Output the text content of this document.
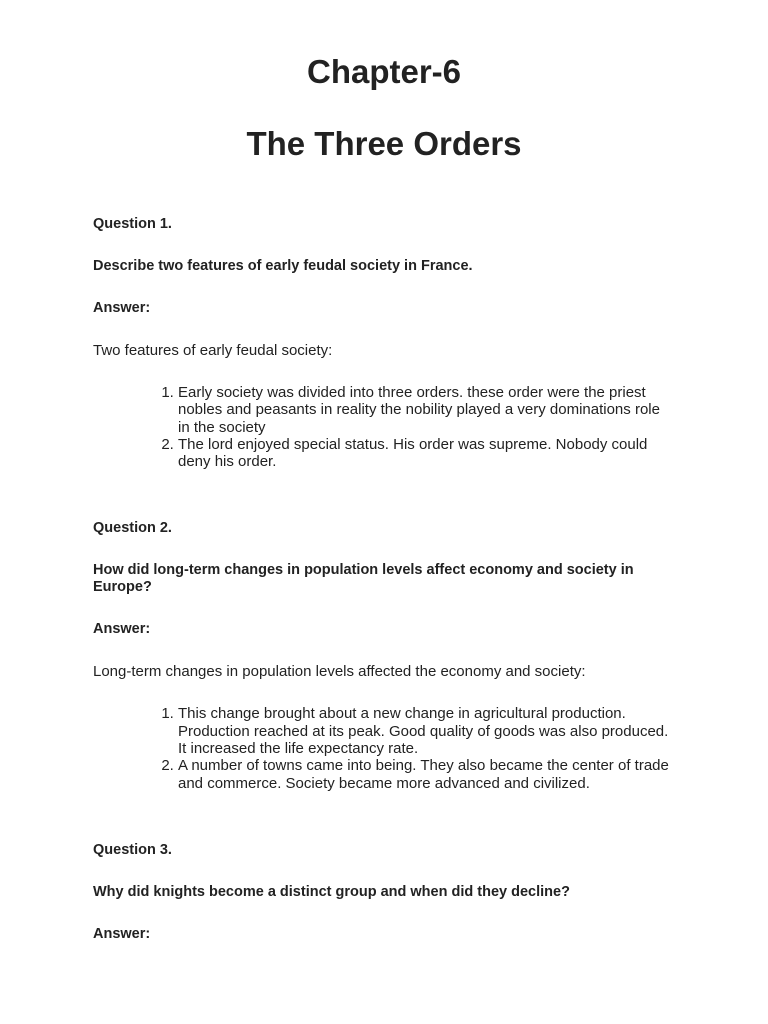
Chapter-6
The Three Orders

Question 1.

Describe two features of early feudal society in France.

Answer:

Two features of early feudal society:

1. Early society was divided into three orders. these order were the priest nobles and peasants in reality the nobility played a very dominations role in the society
2. The lord enjoyed special status. His order was supreme. Nobody could deny his order.

Question 2.

How did long-term changes in population levels affect economy and society in Europe?

Answer:

Long-term changes in population levels affected the economy and society:

1. This change brought about a new change in agricultural production. Production reached at its peak. Good quality of goods was also produced. It increased the life expectancy rate.
2. A number of towns came into being. They also became the center of trade and commerce. Society became more advanced and civilized.

Question 3.

Why did knights become a distinct group and when did they decline?

Answer:
